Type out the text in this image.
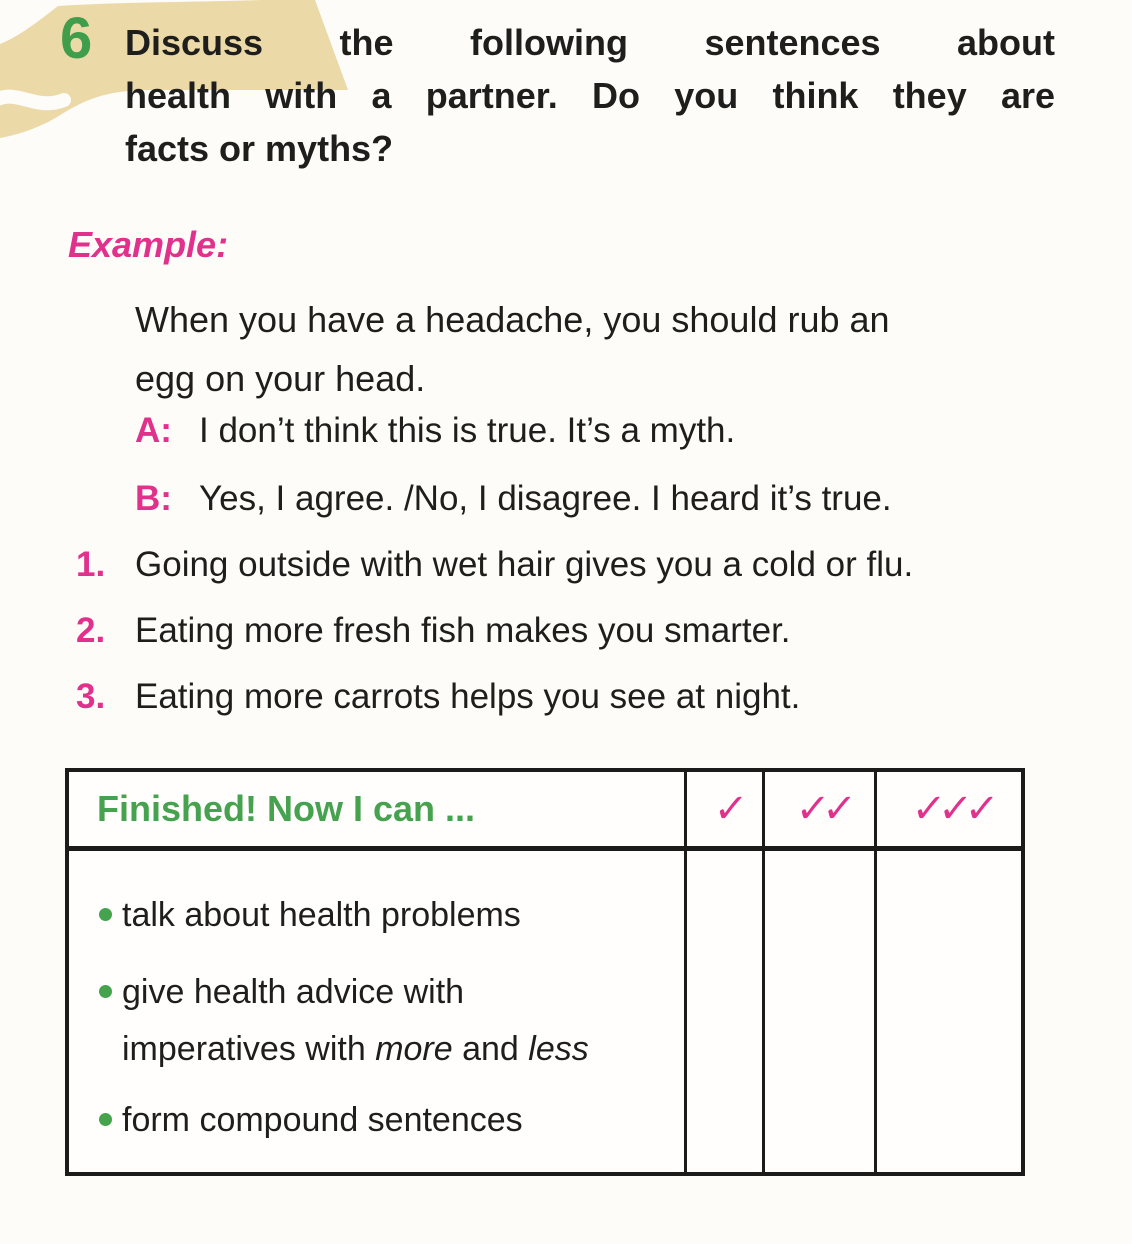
6 Discuss the following sentences about
health with a partner. Do you think they are
facts or myths?
Example:
When you have a headache, you should rub an
egg on your head.
A: I don’t think this is true. It’s a myth.
B: Yes, I agree. /No, I disagree. I heard it’s true.
1. Going outside with wet hair gives you a cold or flu.
2. Eating more fresh fish makes you smarter.
3. Eating more carrots helps you see at night.
Finished! Now I can ...	✓ ✓✓ ✓✓✓
talk about health problems
give health advice with
imperatives with more and less
form compound sentences
